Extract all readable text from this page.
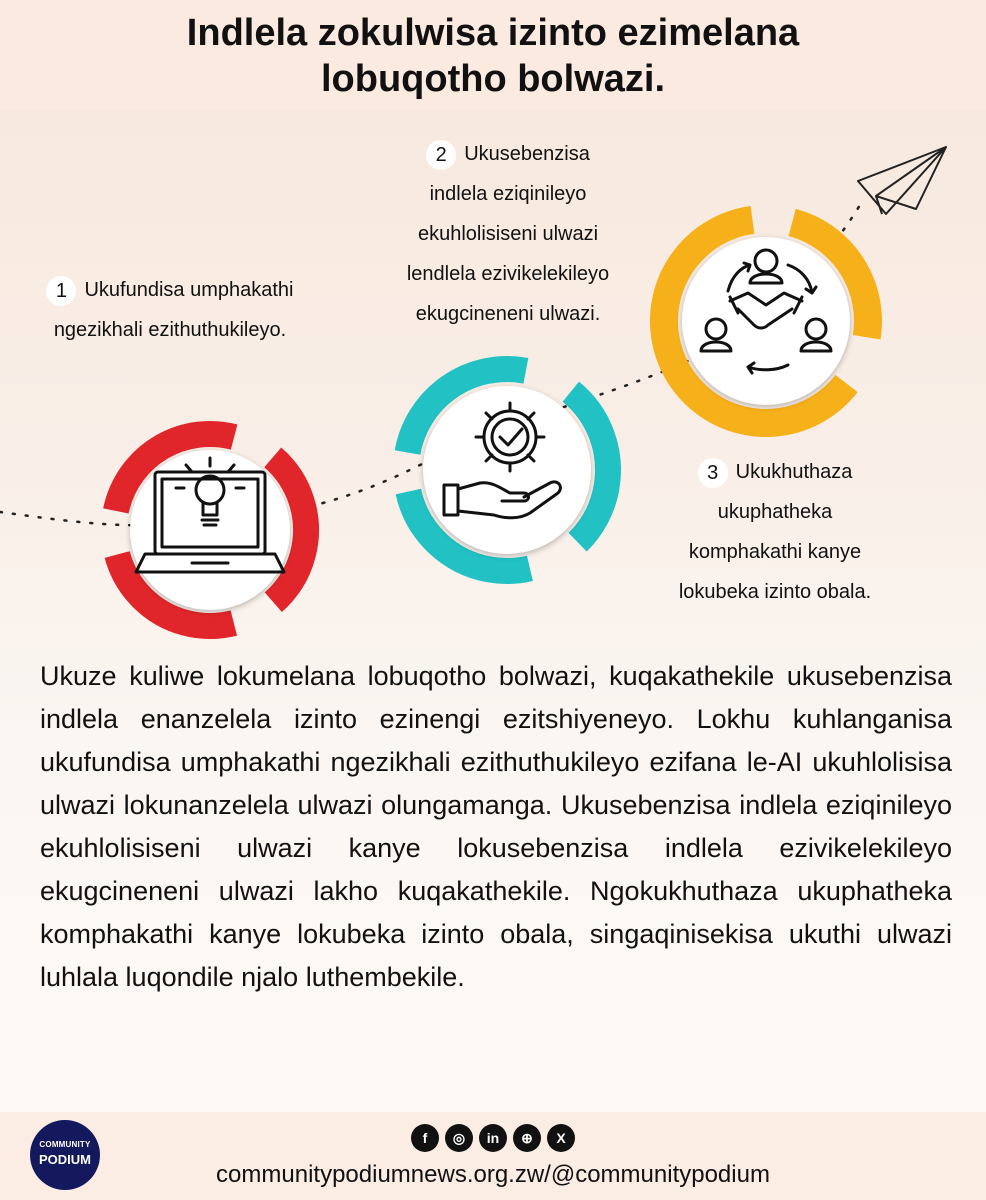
Indlela zokulwisa izinto ezimelana
lobuqotho bolwazi.
1 Ukufundisa umphakathi
ngezikhali ezithuthukileyo.
2 Ukusebenzisa
indlela eziqinileyo
ekuhlolisiseni ulwazi
lendlela ezivikelekileyo
ekugcineneni ulwazi.
3 Ukukhuthaza
ukuphatheka
komphakathi kanye
lokubeka izinto obala.

Ukuze kuliwe lokumelana lobuqotho bolwazi, kuqakathekile ukusebenzisa indlela enanzelela izinto ezinengi ezitshiyeneyo. Lokhu kuhlanganisa ukufundisa umphakathi ngezikhali ezithuthukileyo ezifana le-AI ukuhlolisisa ulwazi lokunanzelela ulwazi olungamanga. Ukusebenzisa indlela eziqinileyo ekuhlolisiseni ulwazi kanye lokusebenzisa indlela ezivikelekileyo ekugcineneni ulwazi lakho kuqakathekile. Ngokukhuthaza ukuphatheka komphakathi kanye lokubeka izinto obala, singaqinisekisa ukuthi ulwazi luhlala luqondile njalo luthembekile.

COMMUNITY
PODIUM
f ◎ in ⊕ X
communitypodiumnews.org.zw/@communitypodium
